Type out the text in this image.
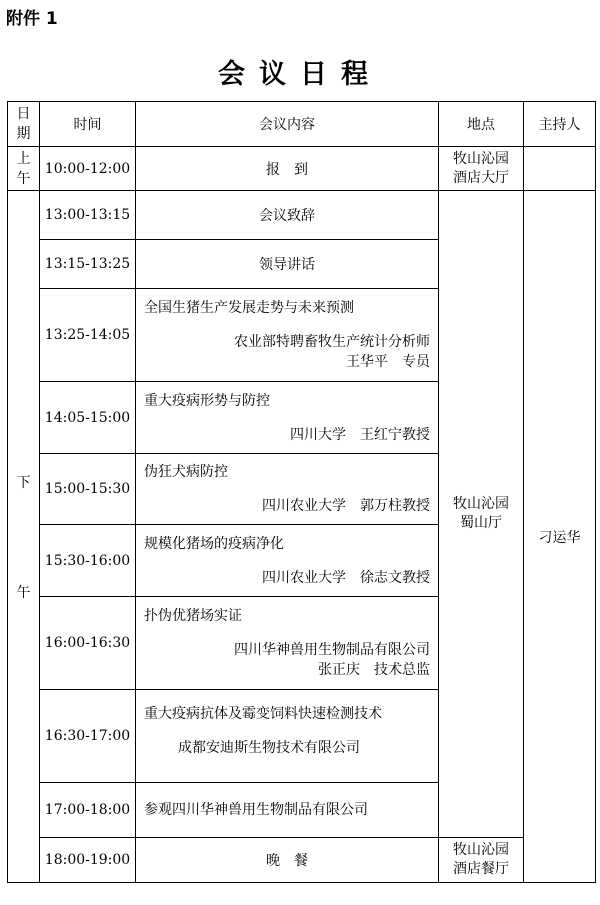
附件 1
会议日程
日期	时间	会议内容	地点	主持人
上午	10:00-12:00	报　到	牧山沁园
酒店大厅	

下
午	13:00-13:15	会议致辞	牧山沁园
蜀山厅	刁运华
	13:15-13:25	领导讲话		
	13:25-14:05	全国生猪生产发展走势与未来预测
农业部特聘畜牧生产统计分析师
王华平　专员		

	14:05-15:00	重大疫病形势与防控
四川大学　王红宁教授		

	15:00-15:30	伪狂犬病防控
四川农业大学　郭万柱教授		

	15:30-16:00	规模化猪场的疫病净化
四川农业大学　徐志文教授		

	16:00-16:30	扑伪优猪场实证
四川华神兽用生物制品有限公司
张正庆　技术总监		

	16:30-17:00	重大疫病抗体及霉变饲料快速检测技术
成都安迪斯生物技术有限公司		

	17:00-18:00	参观四川华神兽用生物制品有限公司		

	18:00-19:00	晚　餐	牧山沁园
酒店餐厅	
